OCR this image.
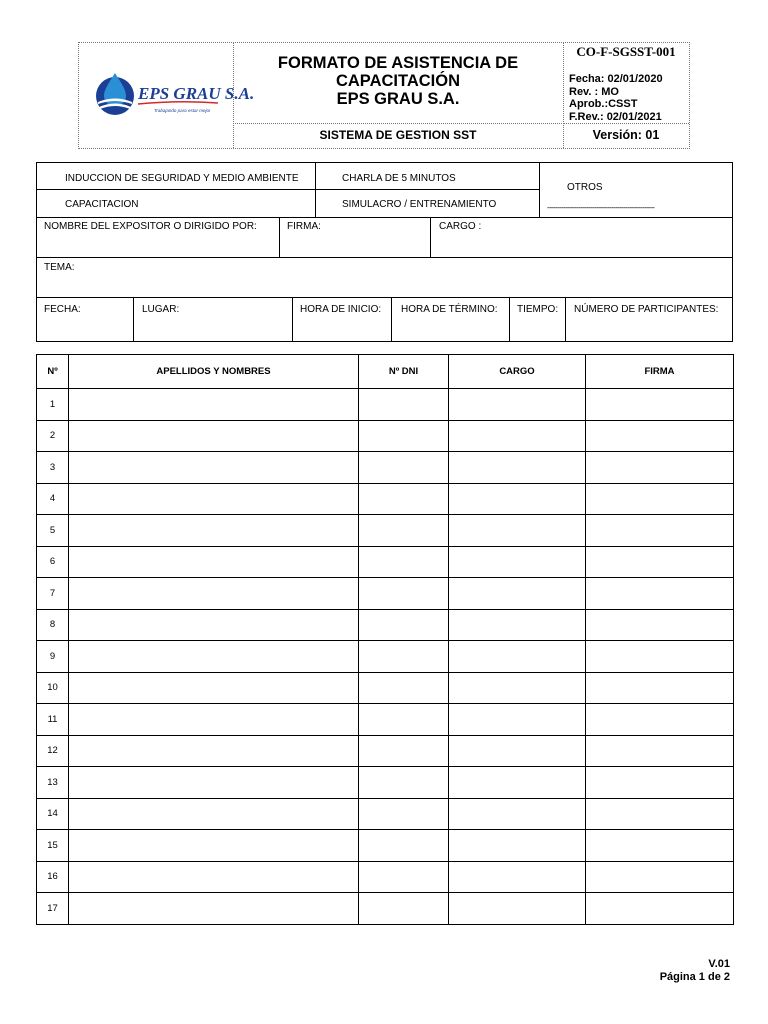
EPS GRAU S.A.
Trabajando para estar mejor
FORMATO DE ASISTENCIA DE
CAPACITACIÓN
EPS GRAU S.A.
SISTEMA DE GESTION SST
CO-F-SGSST-001
Fecha: 02/01/2020
Rev. : MO
Aprob.:CSST
F.Rev.: 02/01/2021
Versión: 01
INDUCCION DE SEGURIDAD Y MEDIO AMBIENTE	CHARLA DE 5 MINUTOS
OTROS
----------------------------------------------------
CAPACITACION	SIMULACRO / ENTRENAMIENTO
NOMBRE DEL EXPOSITOR O DIRIGIDO POR:	FIRMA:	CARGO :
TEMA:
FECHA:	LUGAR:	HORA DE INICIO: HORA DE TÉRMINO: TIEMPO: NÚMERO DE PARTICIPANTES:
Nº	APELLIDOS Y NOMBRES	Nº DNI	CARGO	FIRMA
1				
2				
3				
4				
5				
6				
7				
8				
9				
10				
11				
12				
13				
14				
15				
16				
17				
V.01
Página 1 de 2
